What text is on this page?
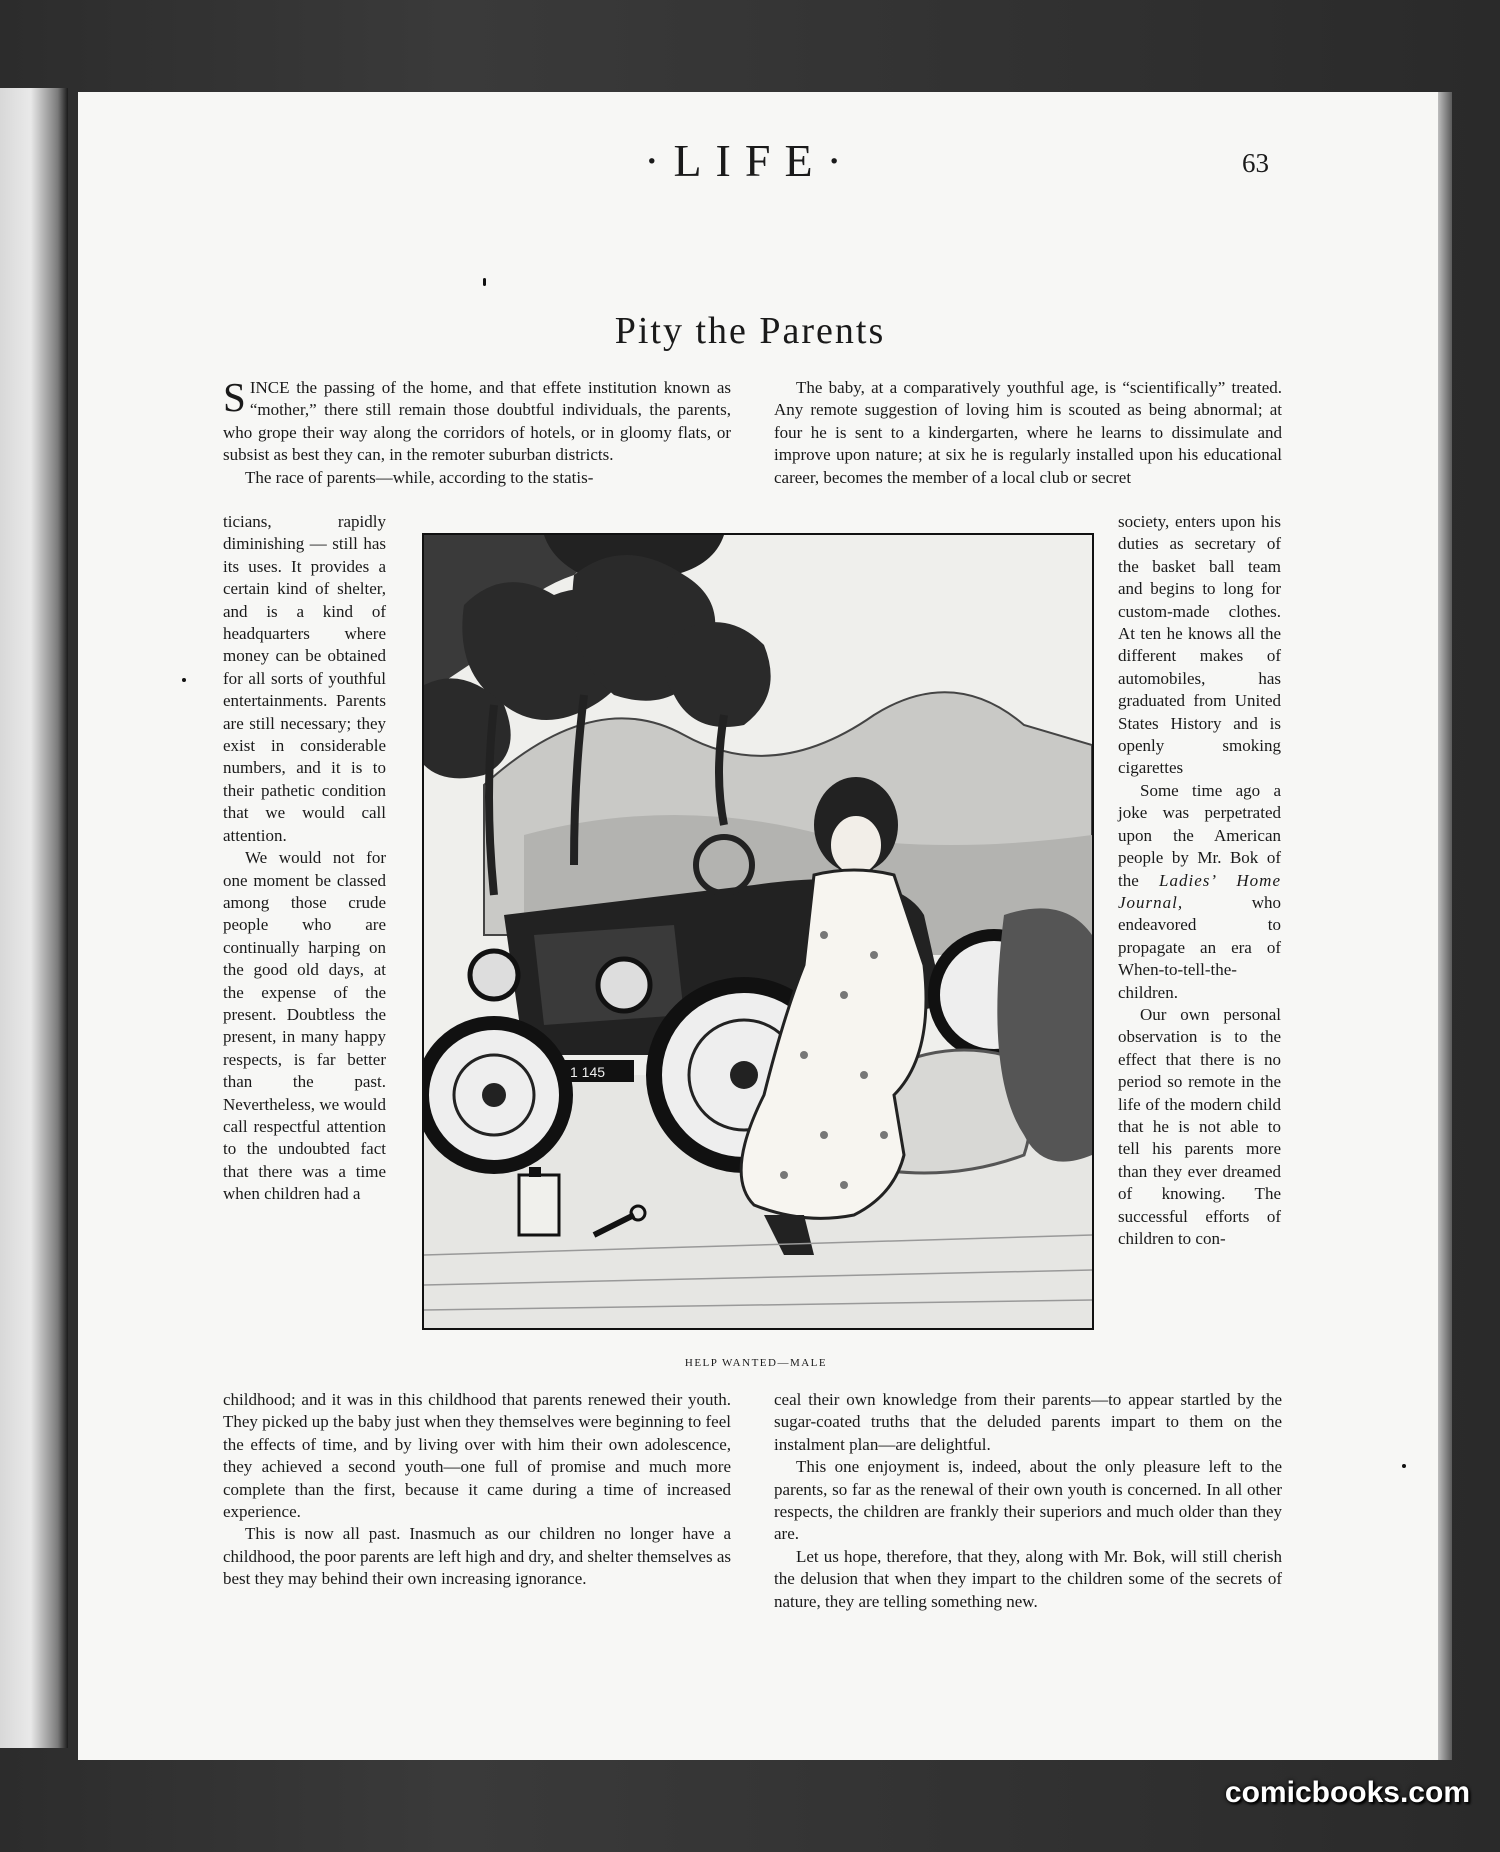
·LIFE·	63
Pity the Parents

SINCE the passing of the home, and that effete institution known as “mother,” there still remain those doubtful individuals, the parents, who grope their way along the corridors of hotels, or in gloomy flats, or subsist as best they can, in the remoter suburban districts.

The race of parents—while, according to the statis-

ticians, rapidly diminishing — still has its uses. It provides a certain kind of shelter, and is a kind of headquarters where money can be obtained for all sorts of youthful entertainments. Parents are still necessary; they exist in considerable numbers, and it is to their pathetic condition that we would call attention.

We would not for one moment be classed among those crude people who are continually harping on the good old days, at the expense of the present. Doubtless the present, in many happy respects, is far better than the past. Nevertheless, we would call respectful attention to the undoubted fact that there was a time when children had a

childhood; and it was in this childhood that parents renewed their youth. They picked up the baby just when they themselves were beginning to feel the effects of time, and by living over with him their own adolescence, they achieved a second youth—one full of promise and much more complete than the first, because it came during a time of increased experience.

This is now all past. Inasmuch as our children no longer have a childhood, the poor parents are left high and dry, and shelter themselves as best they may behind their own increasing ignorance.

The baby, at a comparatively youthful age, is “scientifically” treated. Any remote suggestion of loving him is scouted as being abnormal; at four he is sent to a kindergarten, where he learns to dissimulate and improve upon nature; at six he is regularly installed upon his educational career, becomes the member of a local club or secret

society, enters upon his duties as secretary of the basket ball team and begins to long for custom-made clothes. At ten he knows all the different makes of automobiles, has graduated from United States History and is openly smoking cigarettes

Some time ago a joke was perpetrated upon the American people by Mr. Bok of the Ladies’ Home Journal, who endeavored to propagate an era of When-to-tell-the-children.

Our own personal observation is to the effect that there is no period so remote in the life of the modern child that he is not able to tell his parents more than they ever dreamed of knowing. The successful efforts of children to con-

ceal their own knowledge from their parents—to appear startled by the sugar-coated truths that the deluded parents impart to them on the instalment plan—are delightful.

This one enjoyment is, indeed, about the only pleasure left to the parents, so far as the renewal of their own youth is concerned. In all other respects, the children are frankly their superiors and much older than they are.

Let us hope, therefore, that they, along with Mr. Bok, will still cherish the delusion that when they impart to the children some of the secrets of nature, they are telling something new.

1 145
HELP WANTED—MALE
comicbooks.com
